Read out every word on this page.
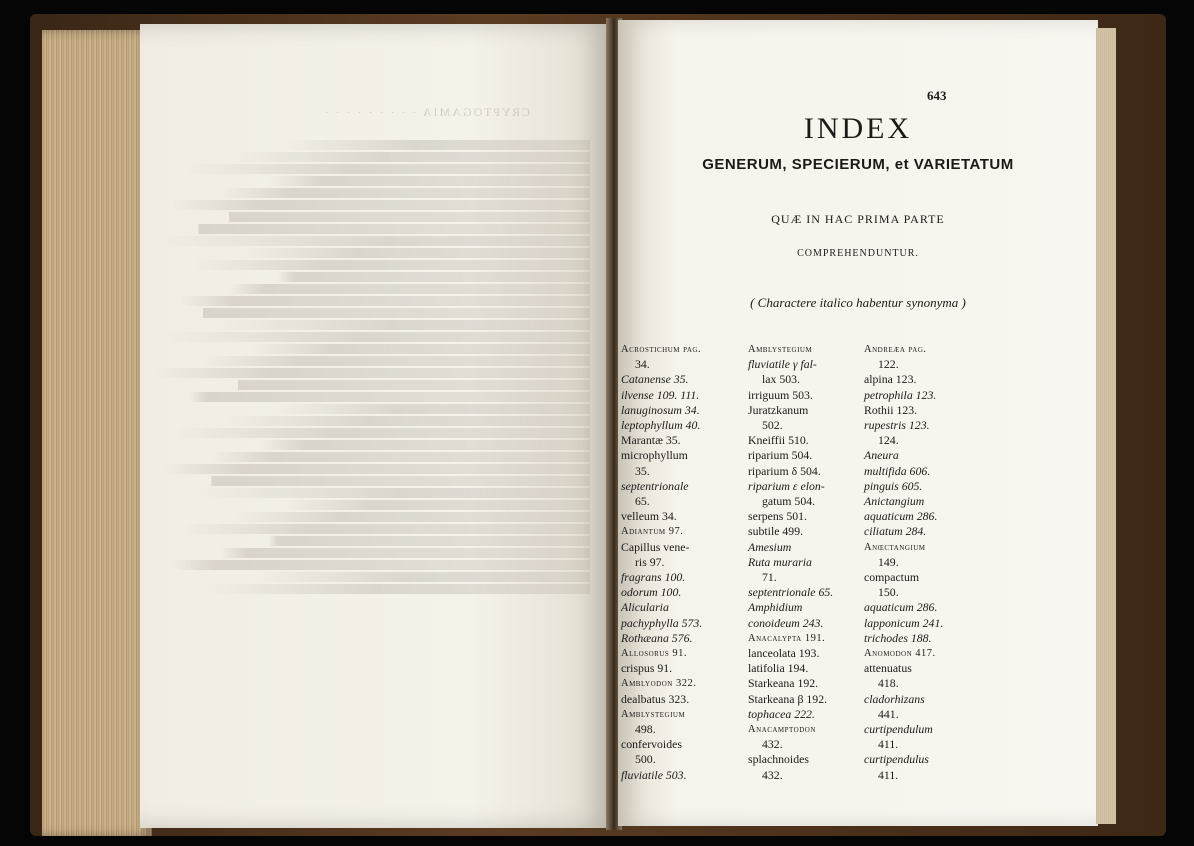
CRYPTOGAMIA · · · · · · · · ·
643
INDEX
GENERUM, SPECIERUM, et VARIETATUM
QUÆ IN HAC PRIMA PARTE
COMPREHENDUNTUR.
( Charactere italico habentur synonyma )
Acrostichum pag.
34.
Catanense 35.
ilvense 109. 111.
lanuginosum 34.
leptophyllum 40.
Marantæ 35.
microphyllum
35.
septentrionale
65.
velleum 34.
Adiantum 97.
Capillus vene-
ris 97.
fragrans 100.
odorum 100.
Aliculariа
pachyphylla 573.
Rothæana 576.
Allosorus 91.
crispus 91.
Amblyodon 322.
dealbatus 323.
Amblystegium
498.
confervoides
500.
fluviatile 503.
Amblystegium
fluviatile γ fal-
lax 503.
irriguum 503.
Juratzkanum
502.
Kneiffii 510.
riparium 504.
riparium δ 504.
riparium ε elon-
gatum 504.
serpens 501.
subtile 499.
Amesium
Ruta muraria
71.
septentrionale 65.
Amphidium
conoideum 243.
Anacalypta 191.
lanceolata 193.
latifolia 194.
Starkeana 192.
Starkeana β 192.
tophacea 222.
Anacamptodon
432.
splachnoides
432.
Andreæa pag.
122.
alpina 123.
petrophila 123.
Rothii 123.
rupestris 123.
124.
Aneura
multifida 606.
pinguis 605.
Anictangium
aquaticum 286.
ciliatum 284.
Anœctangium
149.
compactum
150.
aquaticum 286.
lapponicum 241.
trichodes 188.
Anomodon 417.
attenuatus
418.
cladorhizans
441.
curtipendulum
411.
curtipendulus
411.
